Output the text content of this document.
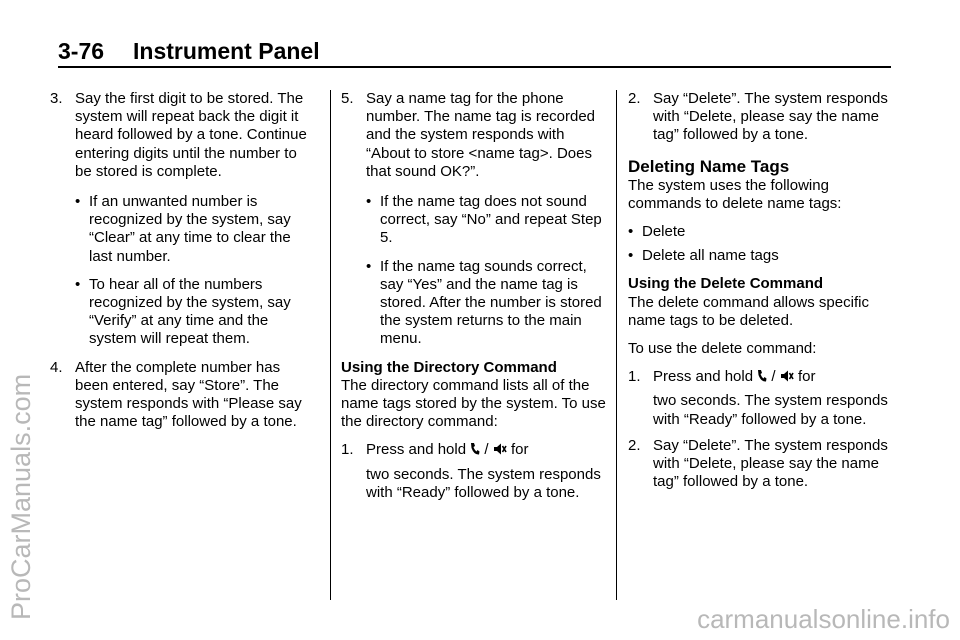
3-76 Instrument Panel
3. Say the first digit to be stored. The system will repeat back the digit it heard followed by a tone. Continue entering digits until the number to be stored is complete.
• If an unwanted number is recognized by the system, say “Clear” at any time to clear the last number.
• To hear all of the numbers recognized by the system, say “Verify” at any time and the system will repeat them.
4. After the complete number has been entered, say “Store”. The system responds with “Please say the name tag” followed by a tone.
5. Say a name tag for the phone number. The name tag is recorded and the system responds with “About to store <name tag>. Does that sound OK?”.
• If the name tag does not sound correct, say “No” and repeat Step 5.
• If the name tag sounds correct, say “Yes” and the name tag is stored. After the number is stored the system returns to the main menu.

Using the Directory Command

The directory command lists all of the name tags stored by the system. To use the directory command:

1. Press and hold / for
two seconds. The system responds with “Ready” followed by a tone.
2. Say “Delete”. The system responds with “Delete, please say the name tag” followed by a tone.

Deleting Name Tags

The system uses the following commands to delete name tags:

• Delete
• Delete all name tags

Using the Delete Command

The delete command allows specific name tags to be deleted.

To use the delete command:

1. Press and hold / for
two seconds. The system responds with “Ready” followed by a tone.
2. Say “Delete”. The system responds with “Delete, please say the name tag” followed by a tone.
ProCarManuals.com	carmanualsonline.info
